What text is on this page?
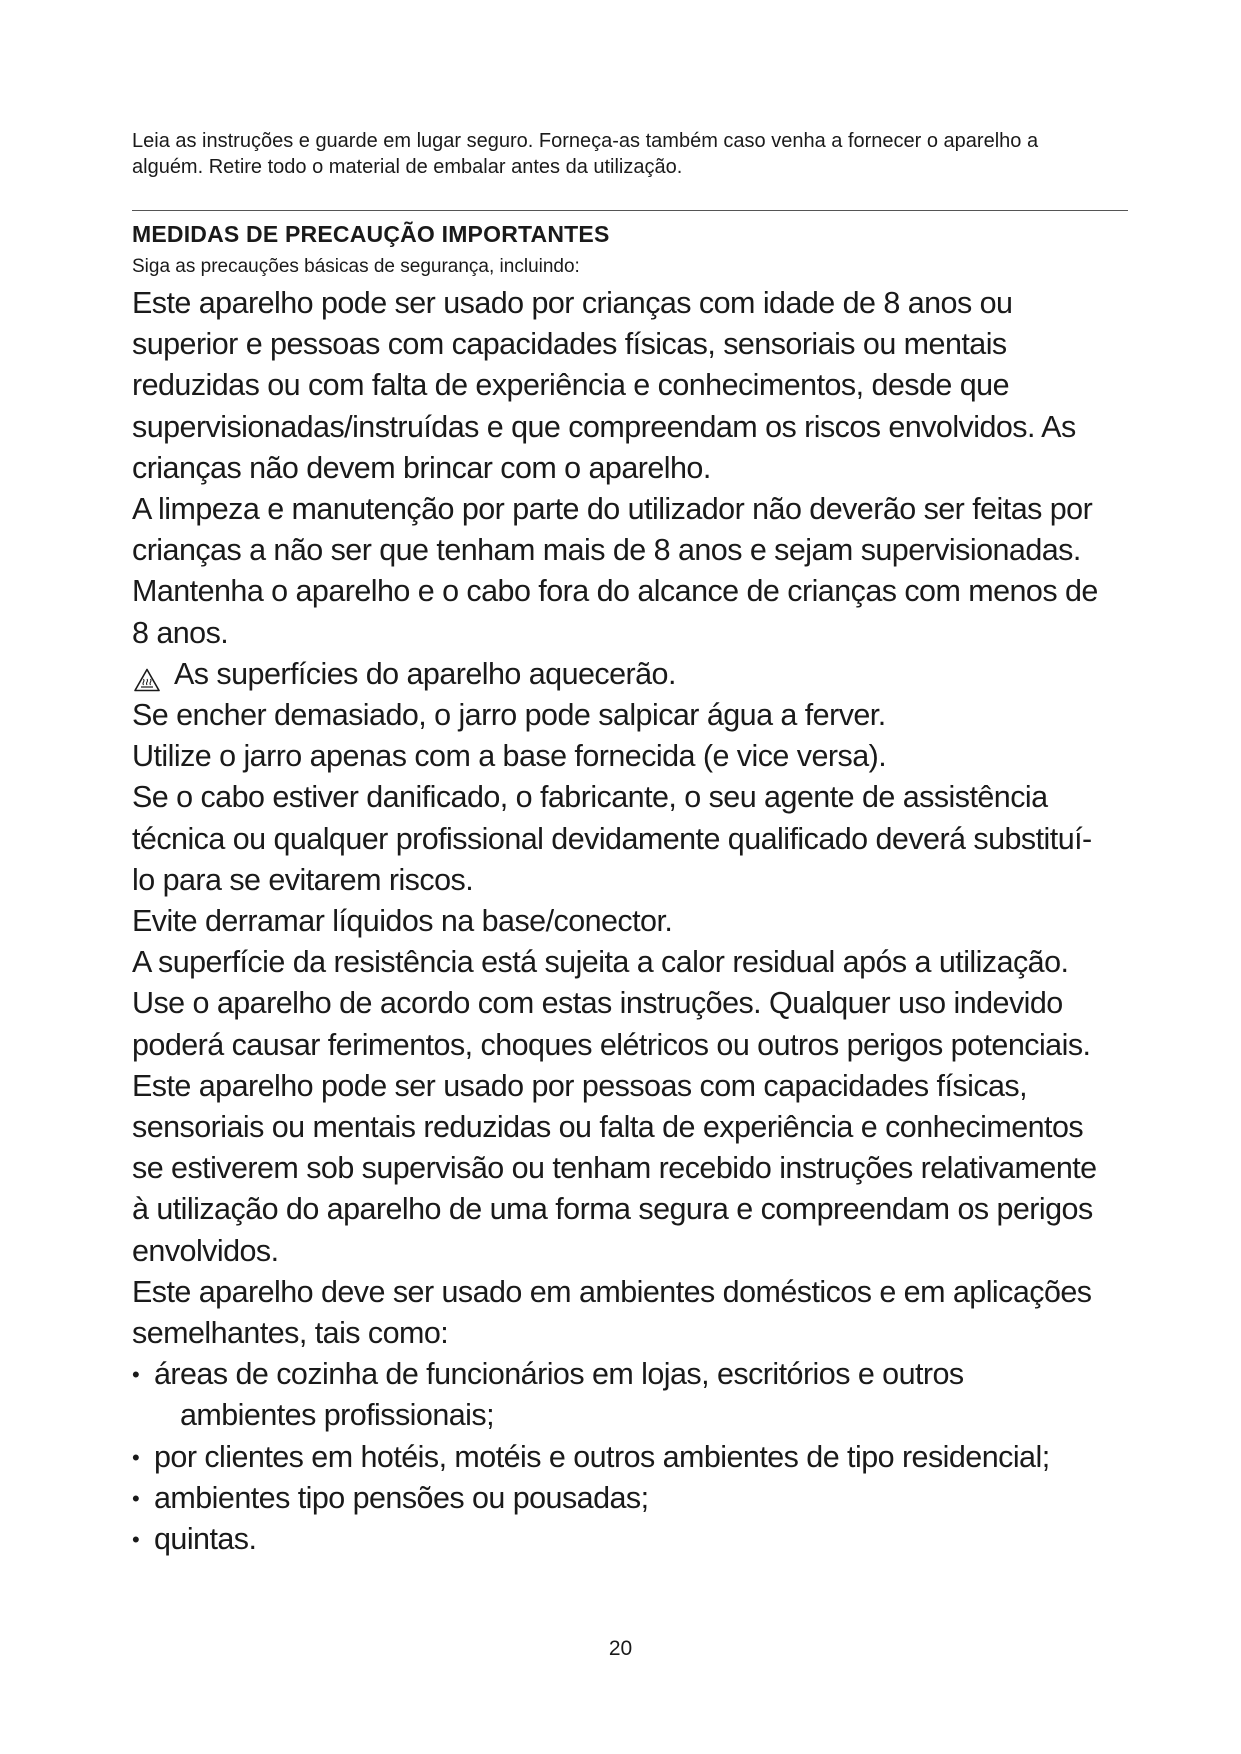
Leia as instruções e guarde em lugar seguro. Forneça-as também caso venha a fornecer o aparelho a
alguém. Retire todo o material de embalar antes da utilização.

MEDIDAS DE PRECAUÇÃO IMPORTANTES

Siga as precauções básicas de segurança, incluindo:

Este aparelho pode ser usado por crianças com idade de 8 anos ou
superior e pessoas com capacidades físicas, sensoriais ou mentais
reduzidas ou com falta de experiência e conhecimentos, desde que
supervisionadas/instruídas e que compreendam os riscos envolvidos. As
crianças não devem brincar com o aparelho.

A limpeza e manutenção por parte do utilizador não deverão ser feitas por
crianças a não ser que tenham mais de 8 anos e sejam supervisionadas.

Mantenha o aparelho e o cabo fora do alcance de crianças com menos de
8 anos.

As superfícies do aparelho aquecerão.

Se encher demasiado, o jarro pode salpicar água a ferver.

Utilize o jarro apenas com a base fornecida (e vice versa).

Se o cabo estiver danificado, o fabricante, o seu agente de assistência
técnica ou qualquer profissional devidamente qualificado deverá substituí-
lo para se evitarem riscos.

Evite derramar líquidos na base/conector.

A superfície da resistência está sujeita a calor residual após a utilização.

Use o aparelho de acordo com estas instruções. Qualquer uso indevido
poderá causar ferimentos, choques elétricos ou outros perigos potenciais.

Este aparelho pode ser usado por pessoas com capacidades físicas,
sensoriais ou mentais reduzidas ou falta de experiência e conhecimentos
se estiverem sob supervisão ou tenham recebido instruções relativamente
à utilização do aparelho de uma forma segura e compreendam os perigos
envolvidos.

Este aparelho deve ser usado em ambientes domésticos e em aplicações
semelhantes, tais como:

• áreas de cozinha de funcionários em lojas, escritórios e outros
ambientes profissionais;
• por clientes em hotéis, motéis e outros ambientes de tipo residencial;
• ambientes tipo pensões ou pousadas;
• quintas.
20
